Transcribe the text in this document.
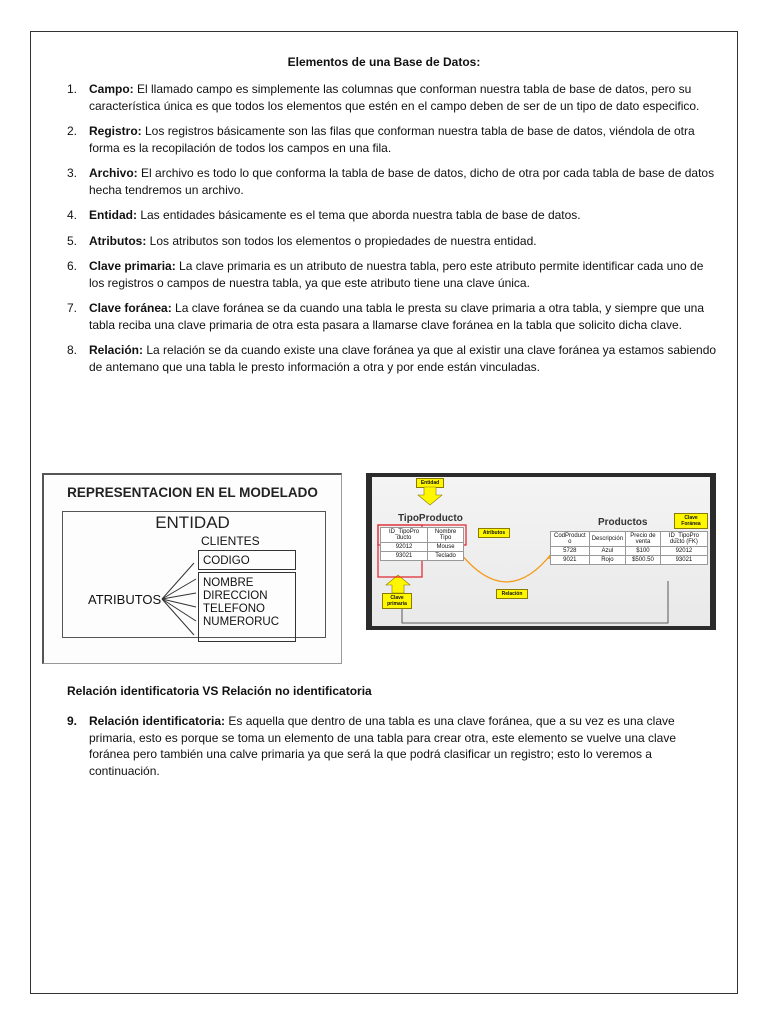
Elementos de una Base de Datos:
1. Campo: El llamado campo es simplemente las columnas que conforman nuestra tabla de base de datos, pero su característica única es que todos los elementos que estén en el campo deben de ser de un tipo de dato especifico.
2. Registro: Los registros básicamente son las filas que conforman nuestra tabla de base de datos, viéndola de otra forma es la recopilación de todos los campos en una fila.
3. Archivo: El archivo es todo lo que conforma la tabla de base de datos, dicho de otra por cada tabla de base de datos hecha tendremos un archivo.
4. Entidad: Las entidades básicamente es el tema que aborda nuestra tabla de base de datos.
5. Atributos: Los atributos son todos los elementos o propiedades de nuestra entidad.
6. Clave primaria: La clave primaria es un atributo de nuestra tabla, pero este atributo permite identificar cada uno de los registros o campos de nuestra tabla, ya que este atributo tiene una clave única.
7. Clave foránea: La clave foránea se da cuando una tabla le presta su clave primaria a otra tabla, y siempre que una tabla reciba una clave primaria de otra esta pasara a llamarse clave foránea en la tabla que solicito dicha clave.
8. Relación: La relación se da cuando existe una clave foránea ya que al existir una clave foránea ya estamos sabiendo de antemano que una tabla le presto información a otra y por ende están vinculadas.
REPRESENTACION EN EL MODELADO
ENTIDAD
CLIENTES
CODIGO
NOMBRE
DIRECCION
TELEFONO
NUMERORUC
ATRIBUTOS
Entidad
TipoProducto
ID_TipoPro ducto	Nombre Tipo
92012	Mouse
93021	Teclado
Atributos
Relación
Clave primaria
Clave Foránea
Productos
CodProduct o	Descripción	Precio de venta	ID_TipoPro ducto (FK)
5728	Azul	$100	92012
9021	Rojo	$500.50	93021
Relación identificatoria VS Relación no identificatoria
9. Relación identificatoria: Es aquella que dentro de una tabla es una clave foránea, que a su vez es una clave primaria, esto es porque se toma un elemento de una tabla para crear otra, este elemento se vuelve una clave foránea pero también una calve primaria ya que será la que podrá clasificar un registro; esto lo veremos a continuación.
